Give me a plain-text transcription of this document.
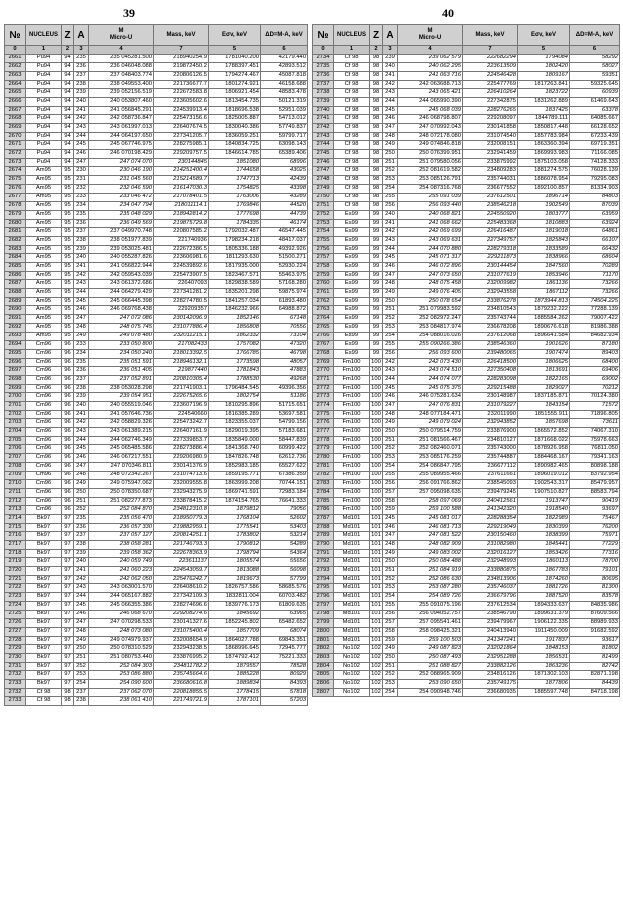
39	40
№	NUCLEUS	Z	A	M
Micro-U	Mass, keV	Eσv, keV	ΔD=M-A, keV
0	1	2	3	4	7	5	6
2661	Pu94	94	235	235 045281.500	218940254.9	1781040.200	42179.440
2662	Pu94	94	236	236 046048.088	219872450.2	1788397.451	42893.512
2663	Pu94	94	237	237 048403.774	220806126.5	1794274.467	45087.818
2664	Pu94	94	238	238 049553.400	221736677.7	1801274.921	46158.688
2665	Pu94	94	239	239 052156.519	222672583.8	1806921.454	48583.478
2666	Pu94	94	240	240 053807.460	223605602.6	1813454.735	50121.319
2667	Pu94	94	241	241 056845.291	224539913.4	1818696.538	52951.039
2668	Pu94	94	242	242 058736.847	225473156.6	1825005.887	54713.012
2669	Pu94	94	243	243 061997.013	226407674.5	1830040.386	57749.837
2670	Pu94	94	244	244 064197.650	227341205.7	1836059.251	59799.717
2671	Pu94	94	245	245 067746.975	228275985.1	1840834.725	63098.143
2672	Pu94	94	246	246 070198.429	229209757.5	1846614.785	65389.406
2673	Pu94	94	247	247 074 070	230144845	1851080	68996
2674	Am95	95	230	230 046 190	214251400.4	1744658	43025
2675	Am95	95	231	231 045 560	215214589.7	1747713	42439
2676	Am95	95	232	232 046 590	216147030.3	1754825	43398
2677	Am95	95	233	233 046 472	217078401.5	1763006	43289
2678	Am95	95	234	234 047 794	218011114.1	1769846	44520
2679	Am95	95	235	235 048 029	218942814.2	1777698	44739
2680	Am95	95	236	236 049 569	219875729.8	1784335	46174
2681	Am95	95	237	237 049970.748	220807585.2	1792032.487	46547.445
2682	Am95	95	238	238 051977.839	221740936	1798234.218	48417.037
2683	Am95	95	239	239 053025.481	222672386.5	1805336.188	49392.926
2684	Am95	95	240	240 055287.826	223606981.6	1811293.630	51500.271
2685	Am95	95	241	241 056822.944	224539892.6	1817935.000	52930.224
2686	Am95	95	242	242 059543.039	225473907.5	1823467.571	55463.975
2687	Am95	95	243	243 061372.686	226407093	1829838.589	57168.280
2688	Am95	95	244	244 064279.429	227341281.2	1835201.298	59875.974
2689	Am95	95	245	245 066445.398	228274780.5	1841257.034	61893.480
2690	Am95	95	246	246 069768.438	229209357	1846232.966	64988.872
2691	Am95	95	247	247 072 086	230142096.9	1852146	67148
2692	Am95	95	248	248 075 745	231077886.4	1856808	70556
2693	Am95	95	249	249 078 480	232011215.1	1862332	73104
2694	Cm96	96	233	233 050 800	217082433	1757082	47320
2695	Cm96	96	234	234 050 240	218013392.5	1766785	46798
2696	Cm96	96	235	235 051 591	218946132.1	1773598	48057
2697	Cm96	96	236	236 051 405	219877440	1781843	47883
2698	Cm96	96	237	237 052 891	220810305.4	1788530	49268
2699	Cm96	96	238	238 053028.298	221741903.1	1796484.545	49396.356
2700	Cm96	96	239	239 054 951	222675265.6	1802754	51186
2701	Cm96	96	240	240 055519.046	223607196.9	1810295.896	51715.651
2702	Cm96	96	241	241 057646.736	224540660	1816385.289	53697.581
2703	Cm96	96	242	242 058829.326	225473242.7	1823355.037	54799.156
2704	Cm96	96	243	243 061389.215	226407161.9	1829019.395	57183.681
2705	Cm96	96	244	244 062746.349	227339853.7	1835849.000	58447.839
2706	Cm96	96	245	245 065485.586	228273886.4	1841368.740	60999.422
2707	Cm96	96	246	246 067217.551	229206980.9	1847826.748	62612.736
2708	Cm96	96	247	247 070346.811	230141376.9	1852983.185	65527.622
2709	Cm96	96	248	248 072342.267	231074713.6	1859195.771	67386.359
2710	Cm96	96	249	249 075947.062	232009555.8	1863999.208	70744.151
2711	Cm96	96	250	250 078350.687	232943275.9	1869741.591	72983.184
2712	Cm96	96	251	251 082277.873	233878415.2	1874154.765	76641.333
2713	Cm96	96	252	252 084 870	234812310.8	1879812	79056
2714	Bk97	97	235	235 056 470	218950779.3	1768104	52602
2715	Bk97	97	236	236 057 330	219882959.1	1775541	53403
2716	Bk97	97	237	237 057 127	220814251.1	1783802	53214
2717	Bk97	97	238	238 058 281	221746793.3	1790812	54289
2718	Bk97	97	239	239 058 362	222678363.9	1798794	54364
2719	Bk97	97	240	240 059 749	223611137	1805574	55656
2720	Bk97	97	241	241 060 223	224543059.7	1813088	56098
2721	Bk97	97	242	242 062 050	225476242.7	1819673	57799
2722	Bk97	97	243	243 063001.570	226408610.2	1826757.586	58685.576
2723	Bk97	97	244	244 065167.882	227342109.3	1832811.004	60703.482
2724	Bk97	97	245	245 066355.386	228274696.6	1839776.173	61809.635
2725	Bk97	97	246	246 068 670	229208274.6	1845692	63965
2726	Bk97	97	247	247 070298.533	230141327.6	1852245.802	65482.652
2727	Bk97	97	248	248 073 080	231075400.4	1857709	68074
2728	Bk97	97	249	249 074979.937	232008654.9	1864027.788	69843.351
2729	Bk97	97	250	250 078310.529	232943238.5	1868996.645	72945.777
2730	Bk97	97	251	251 080753.440	233876995.2	1874792.412	75221.333
2731	Bk97	97	252	252 084 303	234811782.2	1879557	78528
2732	Bk97	97	253	253 086 880	235745664.6	1885228	80929
2733	Bk97	97	254	254 090 600	236680616.8	1889834	84393
2732	Cf 98	98	237	237 062 070	220818855.5	1778415	57818
2733	Cf 98	98	238	238 061 410	221749721.9	1787101	57203
№	NUCLEUS	Z	A	M
Micro-U	Mass, keV	Eσv, keV	ΔD=M-A, keV
0	1	2	3	4	7	5	6
2734	Cf 98	98	239	239 062 579	222682294	1794084	58292
2735	Cf 98	98	240	240 062 295	223613509	1802420	58027
2736	Cf 98	98	241	241 063 716	224546428	1809167	59351
2737	Cf 98	98	242	242 063688.713	225477769	1817263.841	59325.645
2738	Cf 98	98	243	243 065 421	226410264	1823722	60939
2739	Cf 98	98	244	244 065990.390	227342875	1831262.889	61469.643
2740	Cf 98	98	245	245 068 039	228276265	1837425	63378
2741	Cf 98	98	246	246 068798.807	229208097	1844789.111	64085.667
2742	Cf 98	98	247	247 070992.043	230141858	1850817.448	66128.652
2743	Cf 98	98	248	248 072178.080	231074540	1857783.984	67233.439
2744	Cf 98	98	249	249 074846.818	232008151	1863360.394	69719.351
2745	Cf 98	98	250	250 076399.951	232941459	1869993.983	71166.085
2746	Cf 98	98	251	251 079580.056	233875992	1875103.058	74128.333
2747	Cf 98	98	252	252 081619.582	234809283	1881274.575	76028.139
2748	Cf 98	98	253	253 085126.791	235744031	1886078.954	79295.083
2749	Cf 98	98	254	254 087316.768	236677552	1892100.857	81334.903
2750	Cf 98	98	255	255 091 039	237612501	1896714	84803
2751	Cf 98	98	256	256 093 440	238546218	1902549	87039
2752	Es99	99	240	240 068 821	224550920	1803777	63959
2753	Es99	99	241	241 068 662	225483368	1810883	63924
2754	Es99	99	242	242 069 699	226416487	1819018	64861
2755	Es99	99	243	243 069 631	227349757	1825843	66107
2756	Es99	99	244	244 070 880	228279318	1833589	66432
2757	Es99	99	245	245 071 317	229211873	1838966	68604
2758	Es99	99	246	246 072 896	230144454	1847560	70289
2759	Es99	99	247	247 073 650	231077619	1853946	71170
2760	Es99	99	248	248 075 458	232009982	1861136	73266
2761	Es99	99	249	249 076 405	232943558	1867112	73266
2762	Es99	99	250	250 078 654	233876278	1873944.813	74504.225
2763	Es99	99	251	251 079983.592	234810543	1879232.222	77288.139
2764	Es99	99	252	252 082972.247	235743744	1885584.262	79007.422
2765	Es99	99	253	253 084817.974	236678208	1890676.618	81986.388
2766	Es99	99	254	254 088016.026	237612068	1896641.584	84682.934
2767	Es99	99	255	255 090266.386	238546360	1901626	87180
2768	Es99	99	256	256 093 600	239480065	1907474	89403
2769	Fm100	100	242	242 073 430	226418500	1806625	68400
2770	Fm100	100	243	243 074 510	227350408	1813691	69406
2771	Fm100	100	244	244 074 077	228283098	1822165	69002
2772	Fm100	100	245	245 075 375	229215488	1829027	70212
2773	Fm100	100	246	246 075281.634	230148987	1837185.871	70124.380
2774	Fm100	100	247	247 076 831	231079227	1843154	71572
2775	Fm100	100	248	248 077184.471	232011990	1851555.911	71896.805
2776	Fm100	100	249	249 079 024	232943852	1857698	73611
2777	Fm100	100	250	250 079514.759	233876900	1865572.852	74067.310
2778	Fm100	100	251	251 081566.467	234810127	1871668.022	75978.663
2779	Fm100	100	252	252 082460.071	235743000	1878926.958	76811.050
2780	Fm100	100	253	253 085176.259	235744887	1884468.167	79341.163
2781	Fm100	100	254	254 086847.795	236677112	1890982.465	80898.188
2782	Fm100	100	255	255 089955.466	237611661	1896019.012	83792.954
2783	Fm100	100	256	256 091766.862	238545093	1902543.317	85479.957
2784	Fm100	100	257	257 095098.635	239479245	1907510.827	88583.794
2785	Fm100	100	258	258 097 069	240412561	1913747	90419
2786	Fm100	100	259	259 100 588	241342320	1918540	93697
2787	Md101	101	245	245 081 017	228288354	1822989	75467
2788	Md101	101	246	246 081 713	229219049	1830399	76200
2789	Md101	101	247	247 081 522	230150460	1838399	75971
2790	Md101	101	248	248 082 909	231082980	1845441	77229
2791	Md101	101	249	249 083 002	232016127	1853426	77316
2792	Md101	101	250	250 084 488	232948993	1860113	78700
2793	Md101	101	251	251 084 919	233880875	1867783	79101
2794	Md101	101	252	252 086 630	234813906	1874260	80695
2795	Md101	101	253	253 087 280	235746037	1881726	81300
2796	Md101	101	254	254 089 726	236679796	1887520	83578
2797	Md101	101	255	255 091075.196	237612534	1894333.637	84835.986
2798	Md101	101	256	256 094052.757	238546790	1899631.379	87609.566
2799	Md101	101	257	257 095541.461	239479967	1906122.335	88989.933
2800	Md101	101	258	258 098425.321	240413940	1911450.009	91682.592
2801	Md101	101	259	259 100 503	241347241	1917837	93617
2802	No102	102	249	249 087 823	232021864	1848153	81802
2803	No102	102	250	250 087 493	232951288	1856531	81499
2804	No102	102	251	251 088 827	233882126	1863236	82742
2805	No102	102	252	252 088965.909	234816126	1871302.103	82871.198
2806	No102	102	253	253 090 650	235749175	1877806	84439
2807	No102	102	254	254 090948.746	236680935	1885597.748	84718.198
